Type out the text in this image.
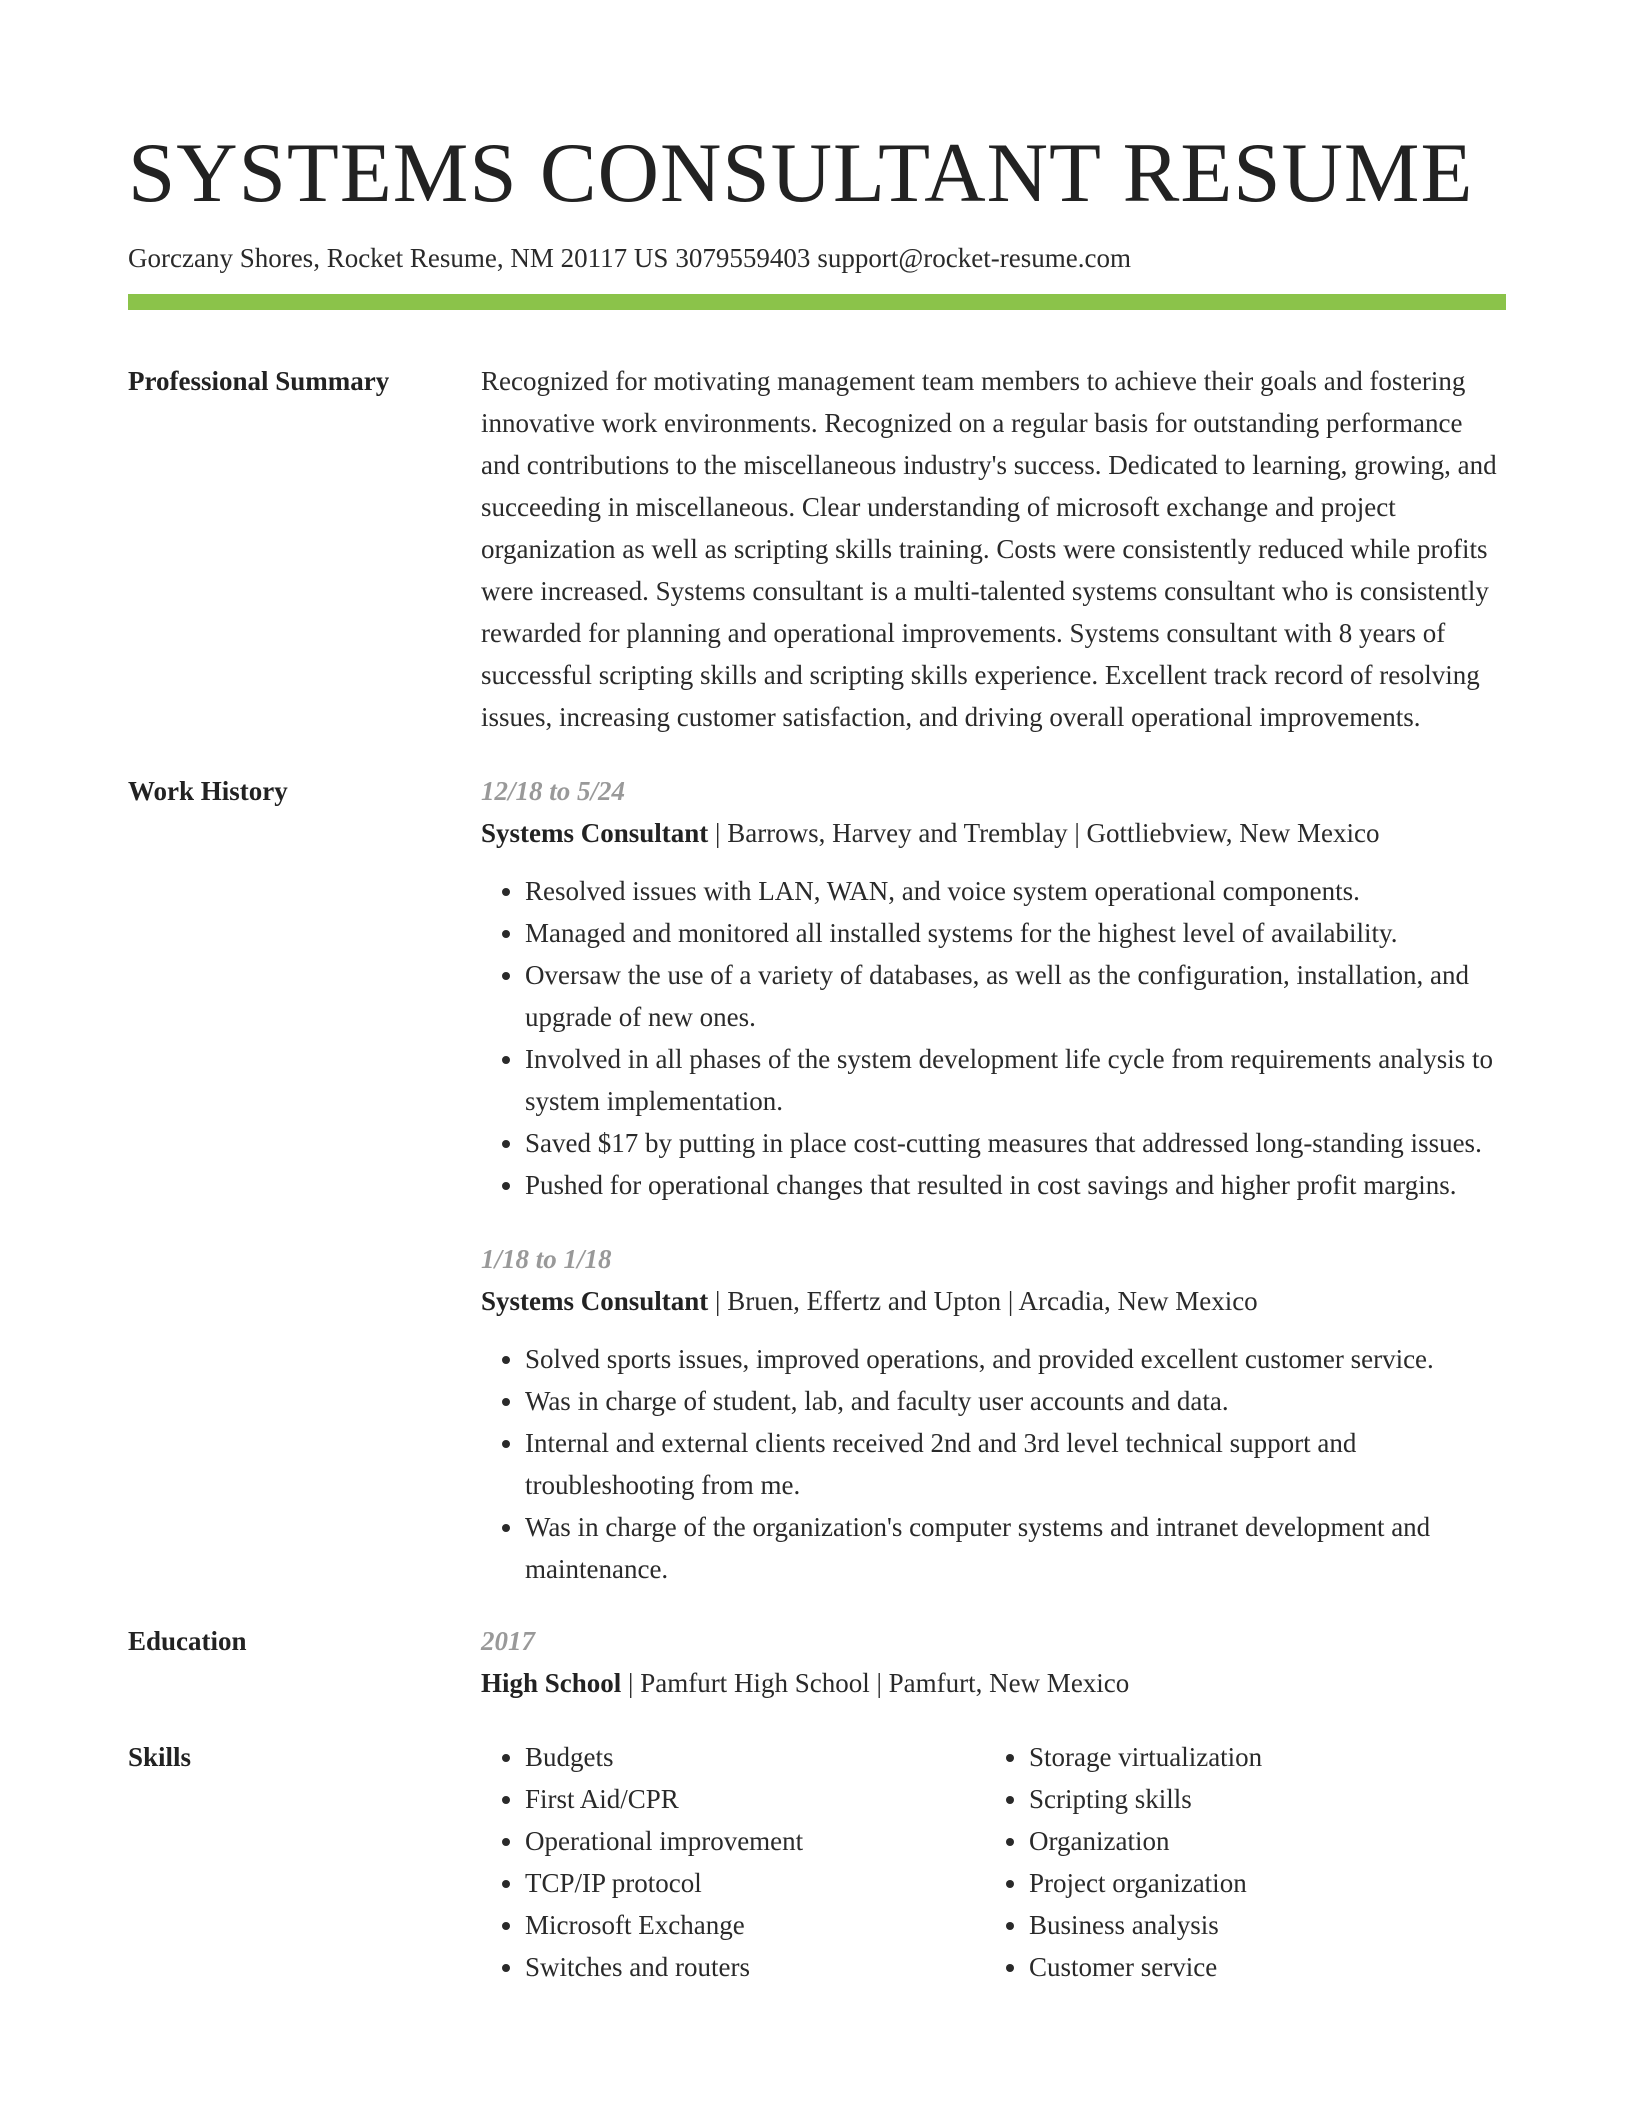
SYSTEMS CONSULTANT RESUME
Gorczany Shores, Rocket Resume, NM 20117 US 3079559403 support@rocket-resume.com
Professional Summary	Recognized for motivating management team members to achieve their goals and fostering innovative work environments. Recognized on a regular basis for outstanding performance and contributions to the miscellaneous industry's success. Dedicated to learning, growing, and succeeding in miscellaneous. Clear understanding of microsoft exchange and project organization as well as scripting skills training. Costs were consistently reduced while profits were increased. Systems consultant is a multi-talented systems consultant who is consistently rewarded for planning and operational improvements. Systems consultant with 8 years of successful scripting skills and scripting skills experience. Excellent track record of resolving issues, increasing customer satisfaction, and driving overall operational improvements.
Work History	12/18 to 5/24
Systems Consultant | Barrows, Harvey and Tremblay | Gottliebview, New Mexico
• Resolved issues with LAN, WAN, and voice system operational components.
• Managed and monitored all installed systems for the highest level of availability.
• Oversaw the use of a variety of databases, as well as the configuration, installation, and upgrade of new ones.
• Involved in all phases of the system development life cycle from requirements analysis to system implementation.
• Saved $17 by putting in place cost-cutting measures that addressed long-standing issues.
• Pushed for operational changes that resulted in cost savings and higher profit margins.
1/18 to 1/18
Systems Consultant | Bruen, Effertz and Upton | Arcadia, New Mexico
• Solved sports issues, improved operations, and provided excellent customer service.
• Was in charge of student, lab, and faculty user accounts and data.
• Internal and external clients received 2nd and 3rd level technical support and troubleshooting from me.
• Was in charge of the organization's computer systems and intranet development and maintenance.
Education	2017
High School | Pamfurt High School | Pamfurt, New Mexico
Skills
•	Budgets
• First Aid/CPR
• Operational improvement
• TCP/IP protocol
• Microsoft Exchange
• Switches and routers
• Storage virtualization
• Scripting skills
• Organization
• Project organization
• Business analysis
• Customer service
